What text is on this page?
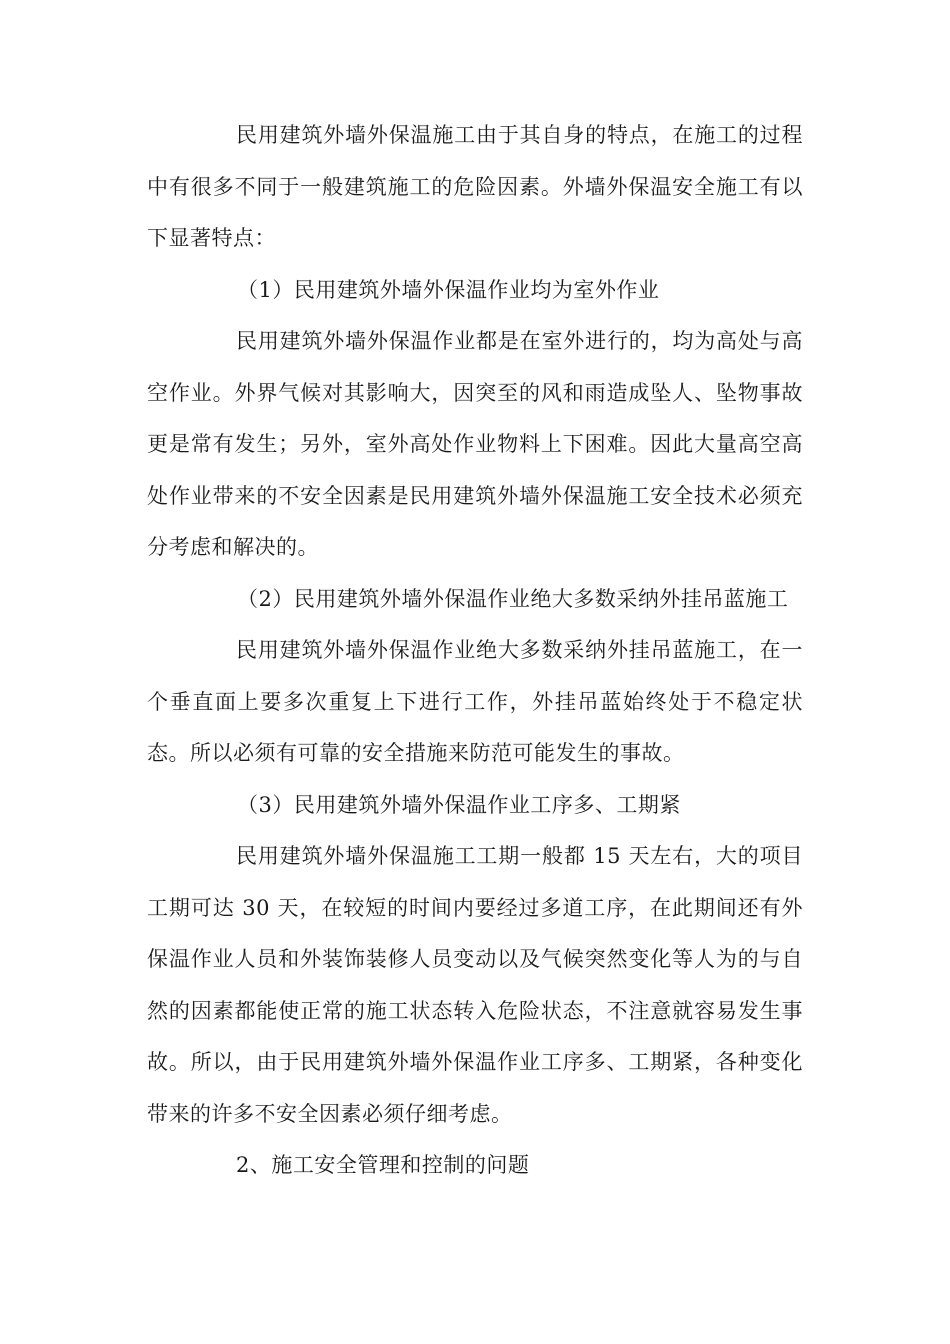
民用建筑外墙外保温施工由于其自身的特点，在施工的过程中有很多不同于一般建筑施工的危险因素。外墙外保温安全施工有以下显著特点：

（1）民用建筑外墙外保温作业均为室外作业

民用建筑外墙外保温作业都是在室外进行的，均为高处与高空作业。外界气候对其影响大，因突至的风和雨造成坠人、坠物事故更是常有发生；另外，室外高处作业物料上下困难。因此大量高空高处作业带来的不安全因素是民用建筑外墙外保温施工安全技术必须充分考虑和解决的。

（2）民用建筑外墙外保温作业绝大多数采纳外挂吊蓝施工

民用建筑外墙外保温作业绝大多数采纳外挂吊蓝施工，在一个垂直面上要多次重复上下进行工作，外挂吊蓝始终处于不稳定状态。所以必须有可靠的安全措施来防范可能发生的事故。

（3）民用建筑外墙外保温作业工序多、工期紧

民用建筑外墙外保温施工工期一般都 15 天左右，大的项目工期可达 30 天，在较短的时间内要经过多道工序，在此期间还有外保温作业人员和外装饰装修人员变动以及气候突然变化等人为的与自然的因素都能使正常的施工状态转入危险状态，不注意就容易发生事故。所以，由于民用建筑外墙外保温作业工序多、工期紧，各种变化带来的许多不安全因素必须仔细考虑。

2、施工安全管理和控制的问题
